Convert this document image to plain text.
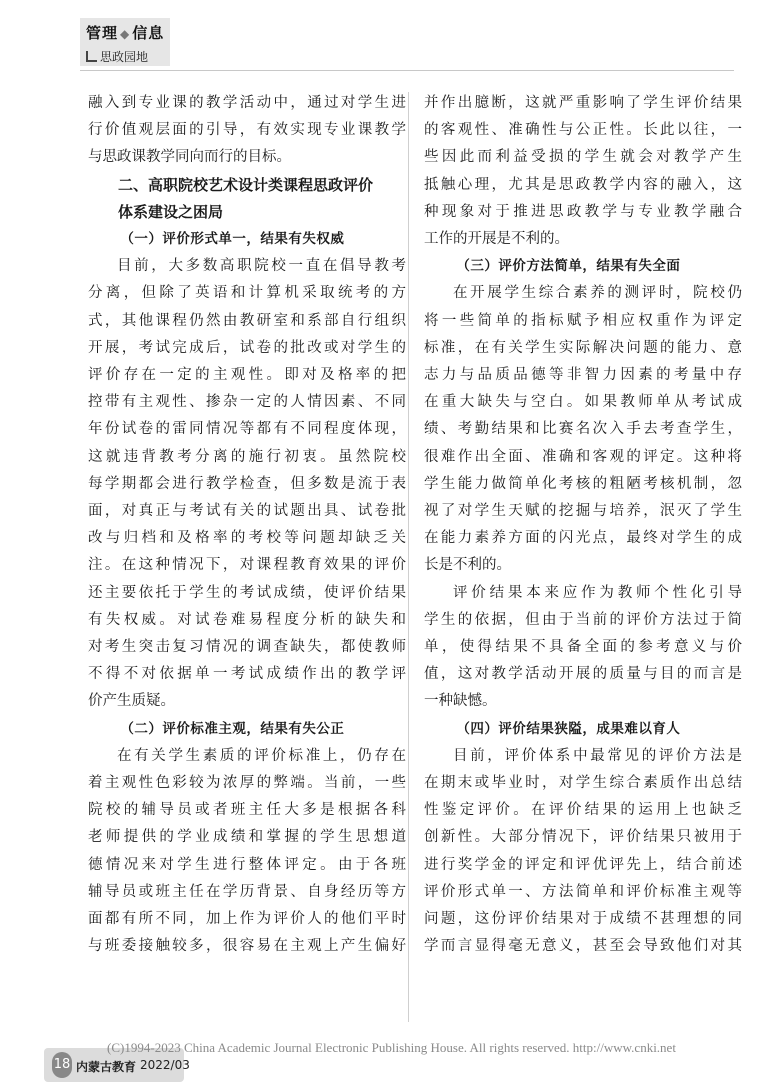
管理 ◆ 信息
思政园地

融入到专业课的教学活动中，通过对学生进

行价值观层面的引导，有效实现专业课教学

与思政课教学同向而行的目标。

二、高职院校艺术设计类课程思政评价
体系建设之困局
（一）评价形式单一，结果有失权威

目前，大多数高职院校一直在倡导教考

分离，但除了英语和计算机采取统考的方

式，其他课程仍然由教研室和系部自行组织

开展，考试完成后，试卷的批改或对学生的

评价存在一定的主观性。即对及格率的把

控带有主观性、掺杂一定的人情因素、不同

年份试卷的雷同情况等都有不同程度体现，

这就违背教考分离的施行初衷。虽然院校

每学期都会进行教学检查，但多数是流于表

面，对真正与考试有关的试题出具、试卷批

改与归档和及格率的考校等问题却缺乏关

注。在这种情况下，对课程教育效果的评价

还主要依托于学生的考试成绩，使评价结果

有失权威。对试卷难易程度分析的缺失和

对考生突击复习情况的调查缺失，都使教师

不得不对依据单一考试成绩作出的教学评

价产生质疑。

（二）评价标准主观，结果有失公正

在有关学生素质的评价标准上，仍存在

着主观性色彩较为浓厚的弊端。当前，一些

院校的辅导员或者班主任大多是根据各科

老师提供的学业成绩和掌握的学生思想道

德情况来对学生进行整体评定。由于各班

辅导员或班主任在学历背景、自身经历等方

面都有所不同，加上作为评价人的他们平时

与班委接触较多，很容易在主观上产生偏好

并作出臆断，这就严重影响了学生评价结果

的客观性、准确性与公正性。长此以往，一

些因此而利益受损的学生就会对教学产生

抵触心理，尤其是思政教学内容的融入，这

种现象对于推进思政教学与专业教学融合

工作的开展是不利的。

（三）评价方法简单，结果有失全面

在开展学生综合素养的测评时，院校仍

将一些简单的指标赋予相应权重作为评定

标准，在有关学生实际解决问题的能力、意

志力与品质品德等非智力因素的考量中存

在重大缺失与空白。如果教师单从考试成

绩、考勤结果和比赛名次入手去考查学生，

很难作出全面、准确和客观的评定。这种将

学生能力做简单化考核的粗陋考核机制，忽

视了对学生天赋的挖掘与培养，泯灭了学生

在能力素养方面的闪光点，最终对学生的成

长是不利的。

评价结果本来应作为教师个性化引导

学生的依据，但由于当前的评价方法过于简

单，使得结果不具备全面的参考意义与价

值，这对教学活动开展的质量与目的而言是

一种缺憾。

（四）评价结果狭隘，成果难以育人

目前，评价体系中最常见的评价方法是

在期末或毕业时，对学生综合素质作出总结

性鉴定评价。在评价结果的运用上也缺乏

创新性。大部分情况下，评价结果只被用于

进行奖学金的评定和评优评先上，结合前述

评价形式单一、方法简单和评价标准主观等

问题，这份评价结果对于成绩不甚理想的同

学而言显得毫无意义，甚至会导致他们对其

18 内蒙古教育 2022/03
(C)1994-2023 China Academic Journal Electronic Publishing House. All rights reserved. http://www.cnki.net
